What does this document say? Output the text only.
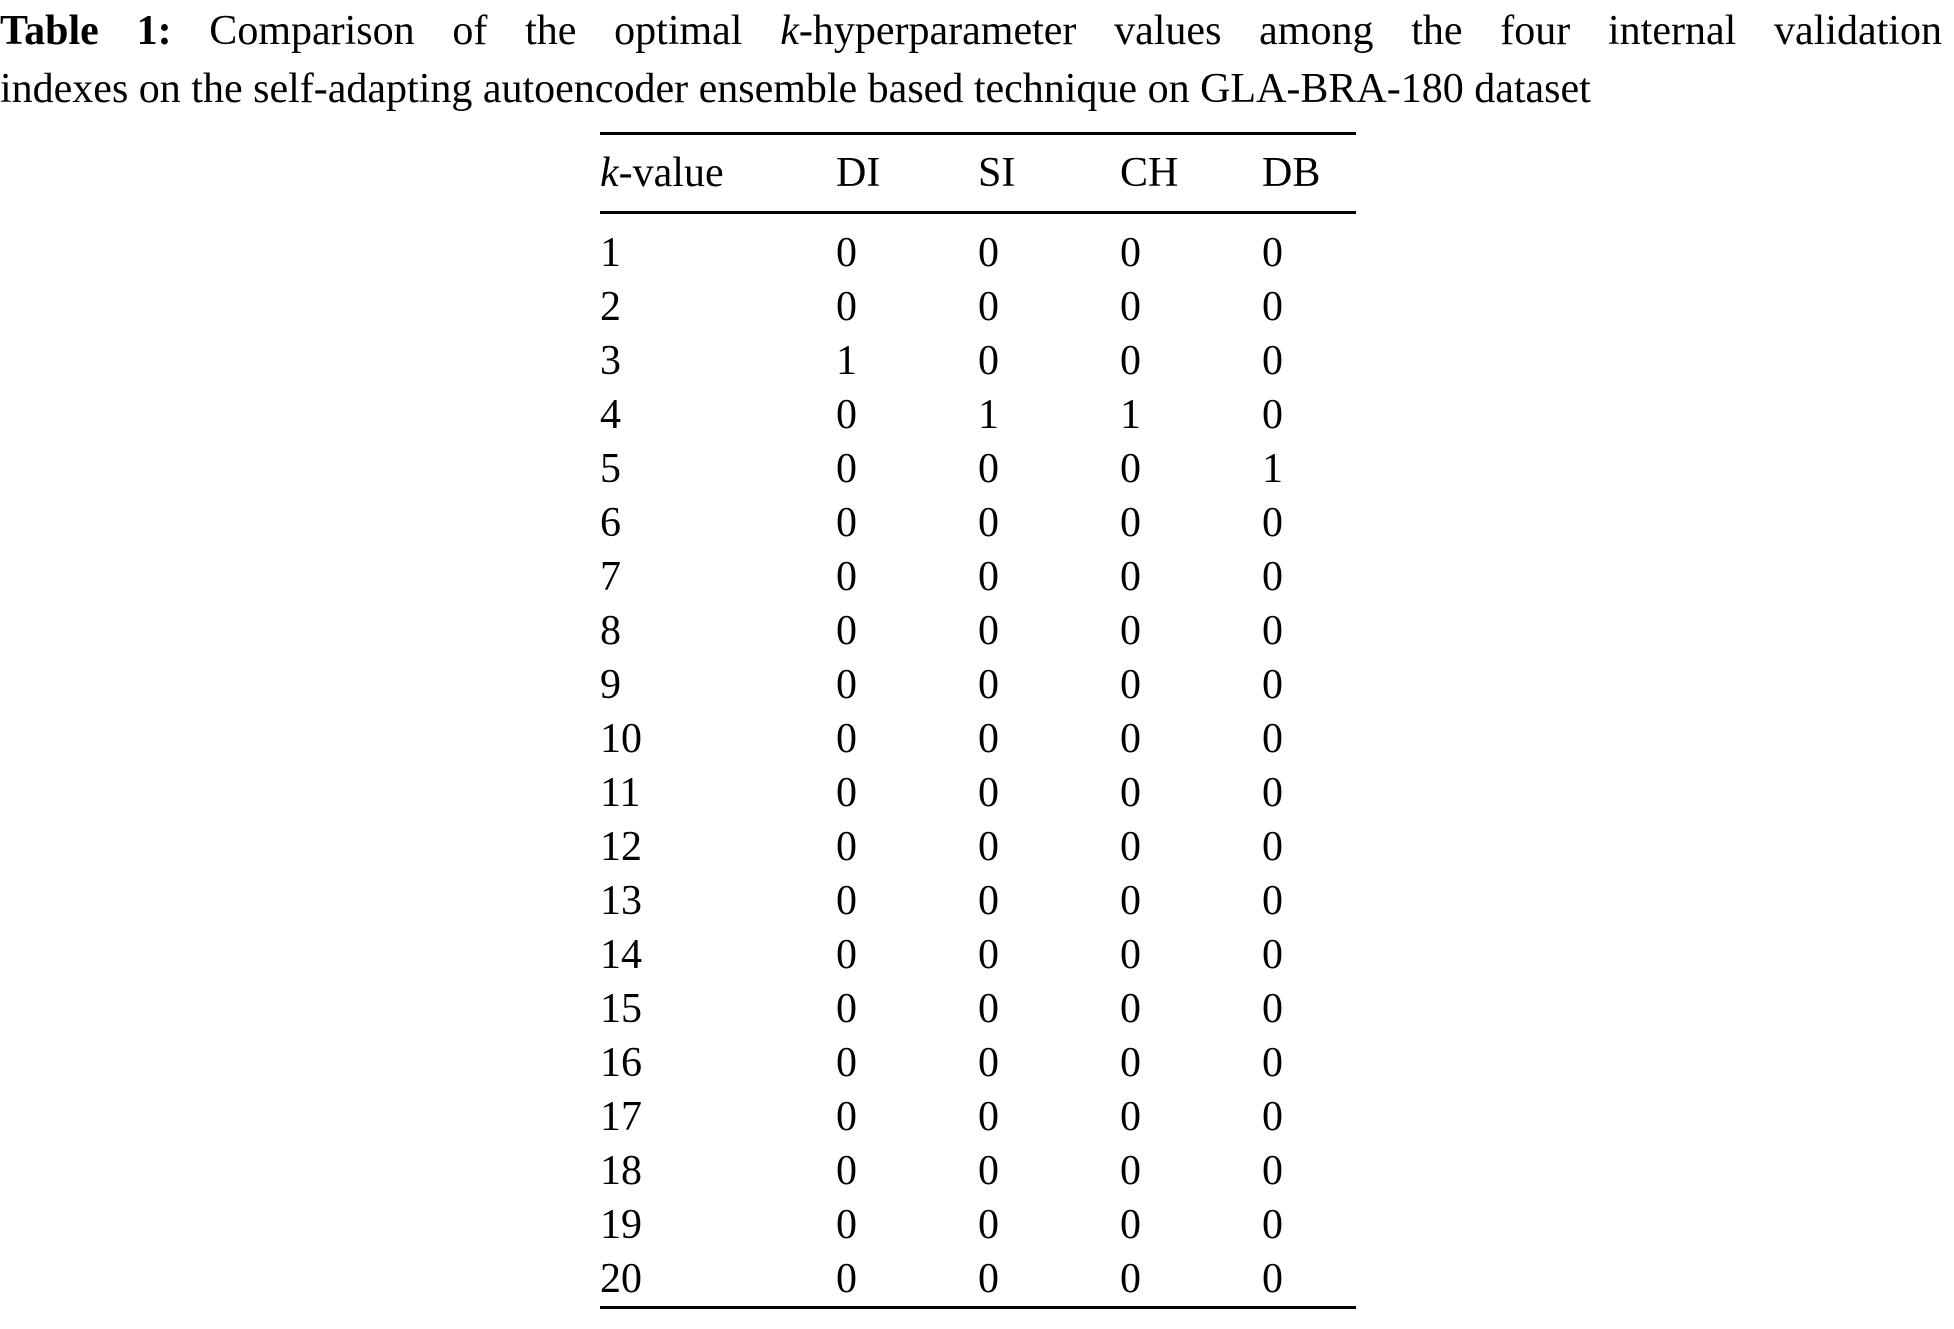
Table 1: Comparison of the optimal k-hyperparameter values among the four internal validation
indexes on the self-adapting autoencoder ensemble based technique on GLA-BRA-180 dataset
k-value	DI	SI	CH	DB

1	0	0	0	0
2	0	0	0	0
3	1	0	0	0
4	0	1	1	0
5	0	0	0	1
6	0	0	0	0
7	0	0	0	0
8	0	0	0	0
9	0	0	0	0
10	0	0	0	0
11	0	0	0	0
12	0	0	0	0
13	0	0	0	0
14	0	0	0	0
15	0	0	0	0
16	0	0	0	0
17	0	0	0	0
18	0	0	0	0
19	0	0	0	0
20	0	0	0	0
